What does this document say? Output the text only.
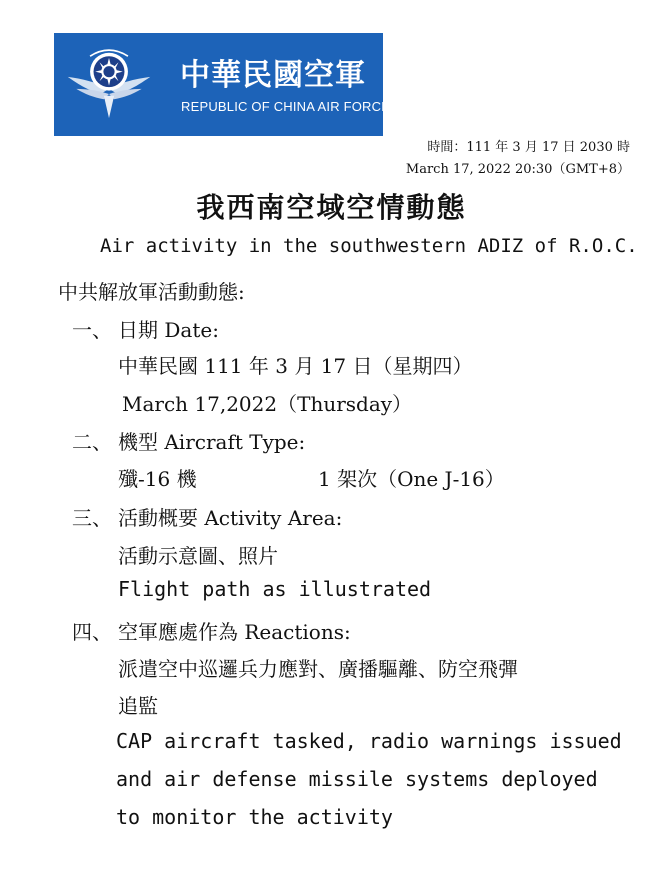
中華民國空軍
REPUBLIC OF CHINA AIR FORCE
時間：111 年 3 月 17 日 2030 時
March 17, 2022 20:30（GMT+8）
我西南空域空情動態
Air activity in the southwestern ADIZ of R.O.C.
中共解放軍活動動態:
一、 日期 Date:
中華民國 111 年 3 月 17 日（星期四）
March 17,2022（Thursday）
二、 機型 Aircraft Type:
殲-16 機	1 架次（One J-16）
三、 活動概要 Activity Area:
活動示意圖、照片
Flight path as illustrated
四、 空軍應處作為 Reactions:
派遣空中巡邏兵力應對、廣播驅離、防空飛彈
追監
CAP aircraft tasked, radio warnings issued
and air defense missile systems deployed
to monitor the activity
